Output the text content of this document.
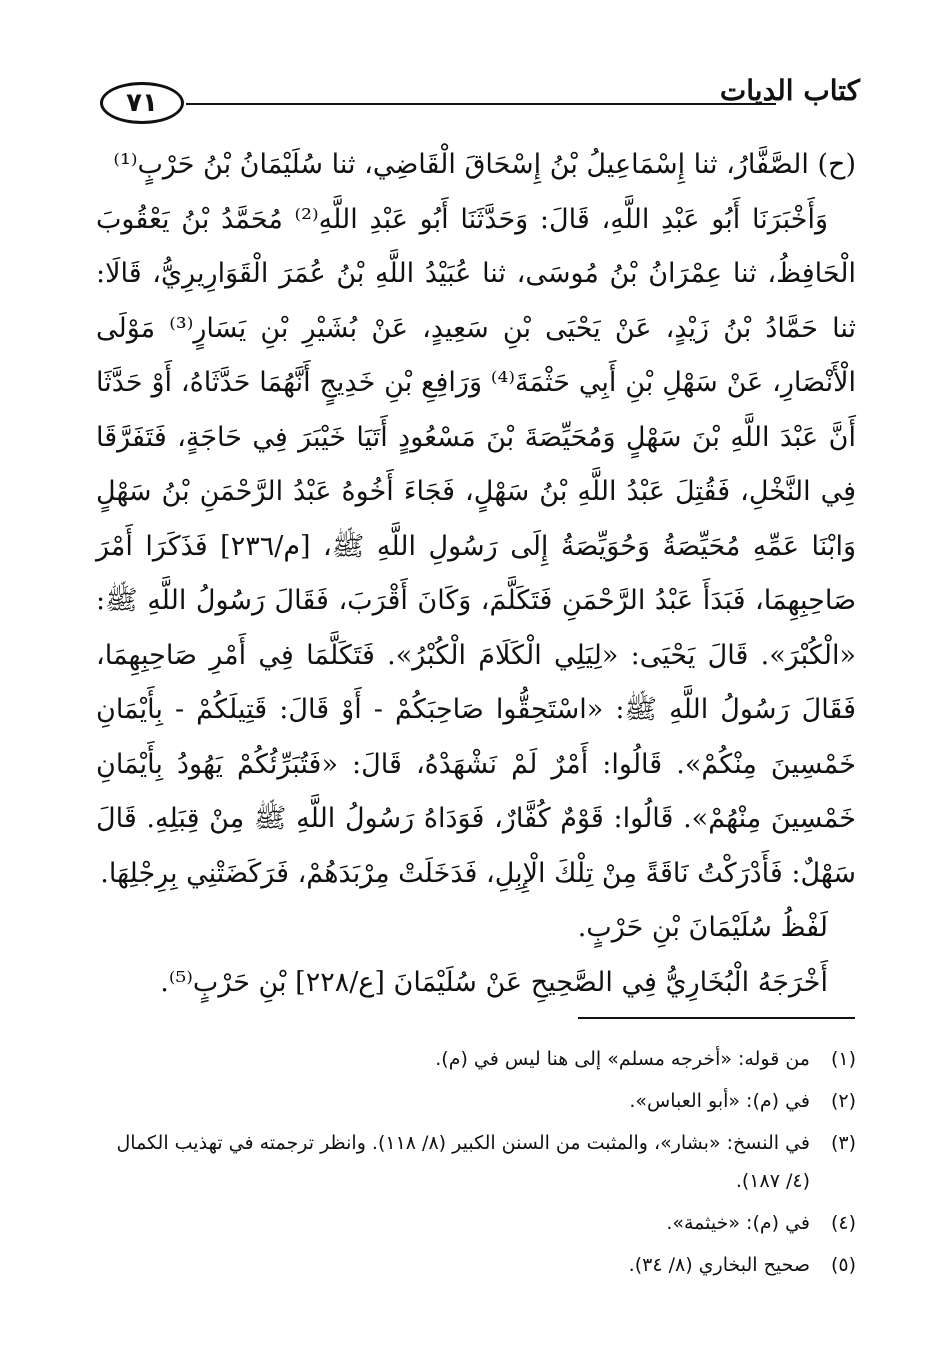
٧١	كتاب الديات

(ح) الصَّفَّارُ، ثنا إِسْمَاعِيلُ بْنُ إِسْحَاقَ الْقَاضِي، ثنا سُلَيْمَانُ بْنُ حَرْبٍ⁽¹⁾

وَأَخْبَرَنَا أَبُو عَبْدِ اللَّهِ، قَالَ: وَحَدَّثَنَا أَبُو عَبْدِ اللَّهِ⁽²⁾ مُحَمَّدُ بْنُ يَعْقُوبَ الْحَافِظُ، ثنا عِمْرَانُ بْنُ مُوسَى، ثنا عُبَيْدُ اللَّهِ بْنُ عُمَرَ الْقَوَارِيرِيُّ، قَالَا: ثنا حَمَّادُ بْنُ زَيْدٍ، عَنْ يَحْيَى بْنِ سَعِيدٍ، عَنْ بُشَيْرِ بْنِ يَسَارٍ⁽³⁾ مَوْلَى الْأَنْصَارِ، عَنْ سَهْلِ بْنِ أَبِي حَثْمَةَ⁽⁴⁾ وَرَافِعِ بْنِ خَدِيجٍ أَنَّهُمَا حَدَّثَاهُ، أَوْ حَدَّثَا أَنَّ عَبْدَ اللَّهِ بْنَ سَهْلٍ وَمُحَيِّصَةَ بْنَ مَسْعُودٍ أَتَيَا خَيْبَرَ فِي حَاجَةٍ، فَتَفَرَّقَا فِي النَّخْلِ، فَقُتِلَ عَبْدُ اللَّهِ بْنُ سَهْلٍ، فَجَاءَ أَخُوهُ عَبْدُ الرَّحْمَنِ بْنُ سَهْلٍ وَابْنَا عَمِّهِ مُحَيِّصَةُ وَحُوَيِّصَةُ إِلَى رَسُولِ اللَّهِ ﷺ، [م/٢٣٦] فَذَكَرَا أَمْرَ صَاحِبِهِمَا، فَبَدَأَ عَبْدُ الرَّحْمَنِ فَتَكَلَّمَ، وَكَانَ أَقْرَبَ، فَقَالَ رَسُولُ اللَّهِ ﷺ: «الْكُبْرَ». قَالَ يَحْيَى: «لِيَلِي الْكَلَامَ الْكُبْرُ». فَتَكَلَّمَا فِي أَمْرِ صَاحِبِهِمَا، فَقَالَ رَسُولُ اللَّهِ ﷺ: «اسْتَحِقُّوا صَاحِبَكُمْ - أَوْ قَالَ: قَتِيلَكُمْ - بِأَيْمَانِ خَمْسِينَ مِنْكُمْ». قَالُوا: أَمْرٌ لَمْ نَشْهَدْهُ، قَالَ: «فَتُبَرِّئُكُمْ يَهُودُ بِأَيْمَانِ خَمْسِينَ مِنْهُمْ». قَالُوا: قَوْمٌ كُفَّارٌ، فَوَدَاهُ رَسُولُ اللَّهِ ﷺ مِنْ قِبَلِهِ. قَالَ سَهْلٌ: فَأَدْرَكْتُ نَاقَةً مِنْ تِلْكَ الْإِبِلِ، فَدَخَلَتْ مِرْبَدَهُمْ، فَرَكَضَتْنِي بِرِجْلِهَا.

لَفْظُ سُلَيْمَانَ بْنِ حَرْبٍ.

أَخْرَجَهُ الْبُخَارِيُّ فِي الصَّحِيحِ عَنْ سُلَيْمَانَ [ع/٢٢٨] بْنِ حَرْبٍ⁽⁵⁾.

(١)
من قوله: «أخرجه مسلم» إلى هنا ليس في (م).
(٢)
في (م): «أبو العباس».
(٣)
في النسخ: «بشار»، والمثبت من السنن الكبير (٨/ ١١٨). وانظر ترجمته في تهذيب الكمال (٤/ ١٨٧).
(٤)
في (م): «خيثمة».
(٥)
صحيح البخاري (٨/ ٣٤).
